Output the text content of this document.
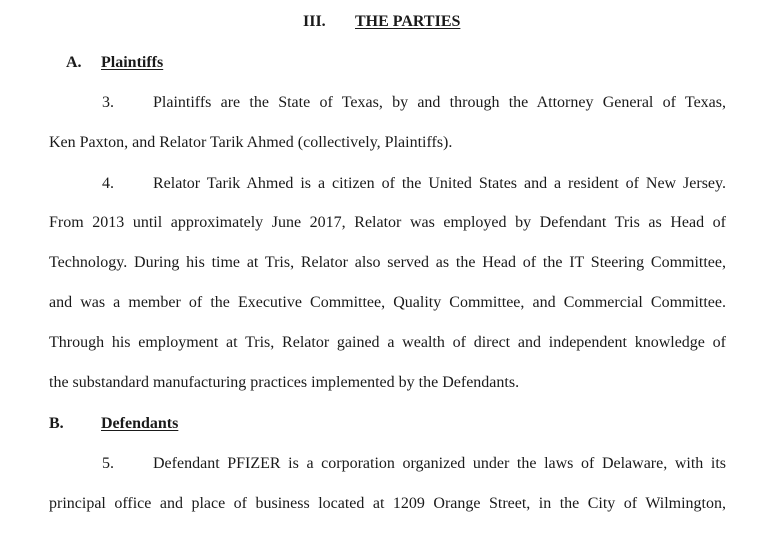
III. THE PARTIES
A. Plaintiffs
3. Plaintiffs are the State of Texas, by and through the Attorney General of Texas,
Ken Paxton, and Relator Tarik Ahmed (collectively, Plaintiffs).
4. Relator Tarik Ahmed is a citizen of the United States and a resident of New Jersey.
From 2013 until approximately June 2017, Relator was employed by Defendant Tris as Head of
Technology. During his time at Tris, Relator also served as the Head of the IT Steering Committee,
and was a member of the Executive Committee, Quality Committee, and Commercial Committee.
Through his employment at Tris, Relator gained a wealth of direct and independent knowledge of
the substandard manufacturing practices implemented by the Defendants.
B. Defendants
5. Defendant PFIZER is a corporation organized under the laws of Delaware, with its
principal office and place of business located at 1209 Orange Street, in the City of Wilmington,
